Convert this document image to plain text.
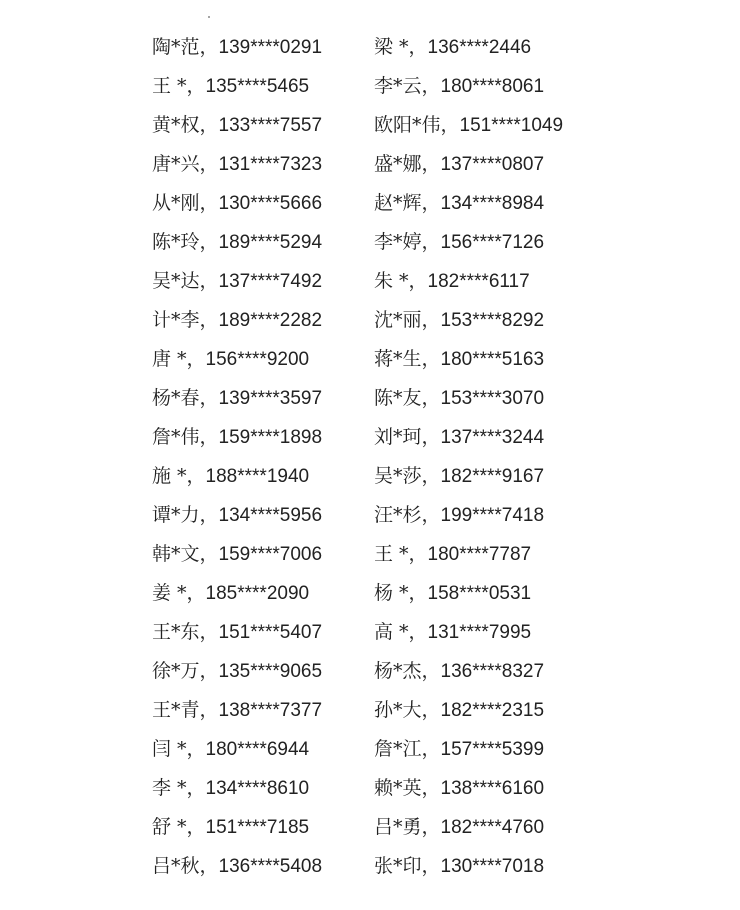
陶*范，139****0291	梁 *，136****2446
王 *，135****5465	李*云，180****8061
黄*权，133****7557	欧阳*伟，151****1049
唐*兴，131****7323	盛*娜，137****0807
从*刚，130****5666	赵*辉，134****8984
陈*玲，189****5294	李*婷，156****7126
吴*达，137****7492	朱 *，182****6117
计*李，189****2282	沈*丽，153****8292
唐 *，156****9200	蒋*生，180****5163
杨*春，139****3597	陈*友，153****3070
詹*伟，159****1898	刘*珂，137****3244
施 *，188****1940	吴*莎，182****9167
谭*力，134****5956	汪*杉，199****7418
韩*文，159****7006	王 *，180****7787
姜 *，185****2090	杨 *，158****0531
王*东，151****5407	高 *，131****7995
徐*万，135****9065	杨*杰，136****8327
王*青，138****7377	孙*大，182****2315
闫 *，180****6944	詹*江，157****5399
李 *，134****8610	赖*英，138****6160
舒 *，151****7185	吕*勇，182****4760
吕*秋，136****5408	张*印，130****7018
